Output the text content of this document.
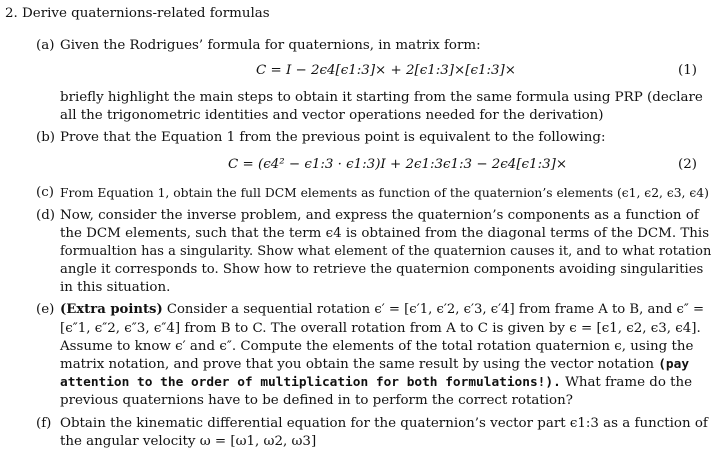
2. Derive quaternions-related formulas
(a) Given the Rodrigues’ formula for quaternions, in matrix form:
C = I − 2ϵ4[ϵ1:3]× + 2[ϵ1:3]×[ϵ1:3]×	(1)
briefly highlight the main steps to obtain it starting from the same formula using PRP (declare
all the trigonometric identities and vector operations needed for the derivation)
(b) Prove that the Equation 1 from the previous point is equivalent to the following:
C = (ϵ4² − ϵ1:3 · ϵ1:3)I + 2ϵ1:3ϵ1:3 − 2ϵ4[ϵ1:3]×	(2)
(c) From Equation 1, obtain the full DCM elements as function of the quaternion’s elements (ϵ1, ϵ2, ϵ3, ϵ4)
(d) Now, consider the inverse problem, and express the quaternion’s components as a function of
the DCM elements, such that the term ϵ4 is obtained from the diagonal terms of the DCM. This
formualtion has a singularity. Show what element of the quaternion causes it, and to what rotation
angle it corresponds to. Show how to retrieve the quaternion components avoiding singularities
in this situation.
(e) (Extra points) Consider a sequential rotation ϵ′ = [ϵ′1, ϵ′2, ϵ′3, ϵ′4] from frame A to B, and ϵ″ =
[ϵ″1, ϵ″2, ϵ″3, ϵ″4] from B to C. The overall rotation from A to C is given by ϵ = [ϵ1, ϵ2, ϵ3, ϵ4].
Assume to know ϵ′ and ϵ″. Compute the elements of the total rotation quaternion ϵ, using the
matrix notation, and prove that you obtain the same result by using the vector notation (pay
attention to the order of multiplication for both formulations!). What frame do the
previous quaternions have to be defined in to perform the correct rotation?
(f) Obtain the kinematic differential equation for the quaternion’s vector part ϵ1:3 as a function of
the angular velocity ω = [ω1, ω2, ω3]
